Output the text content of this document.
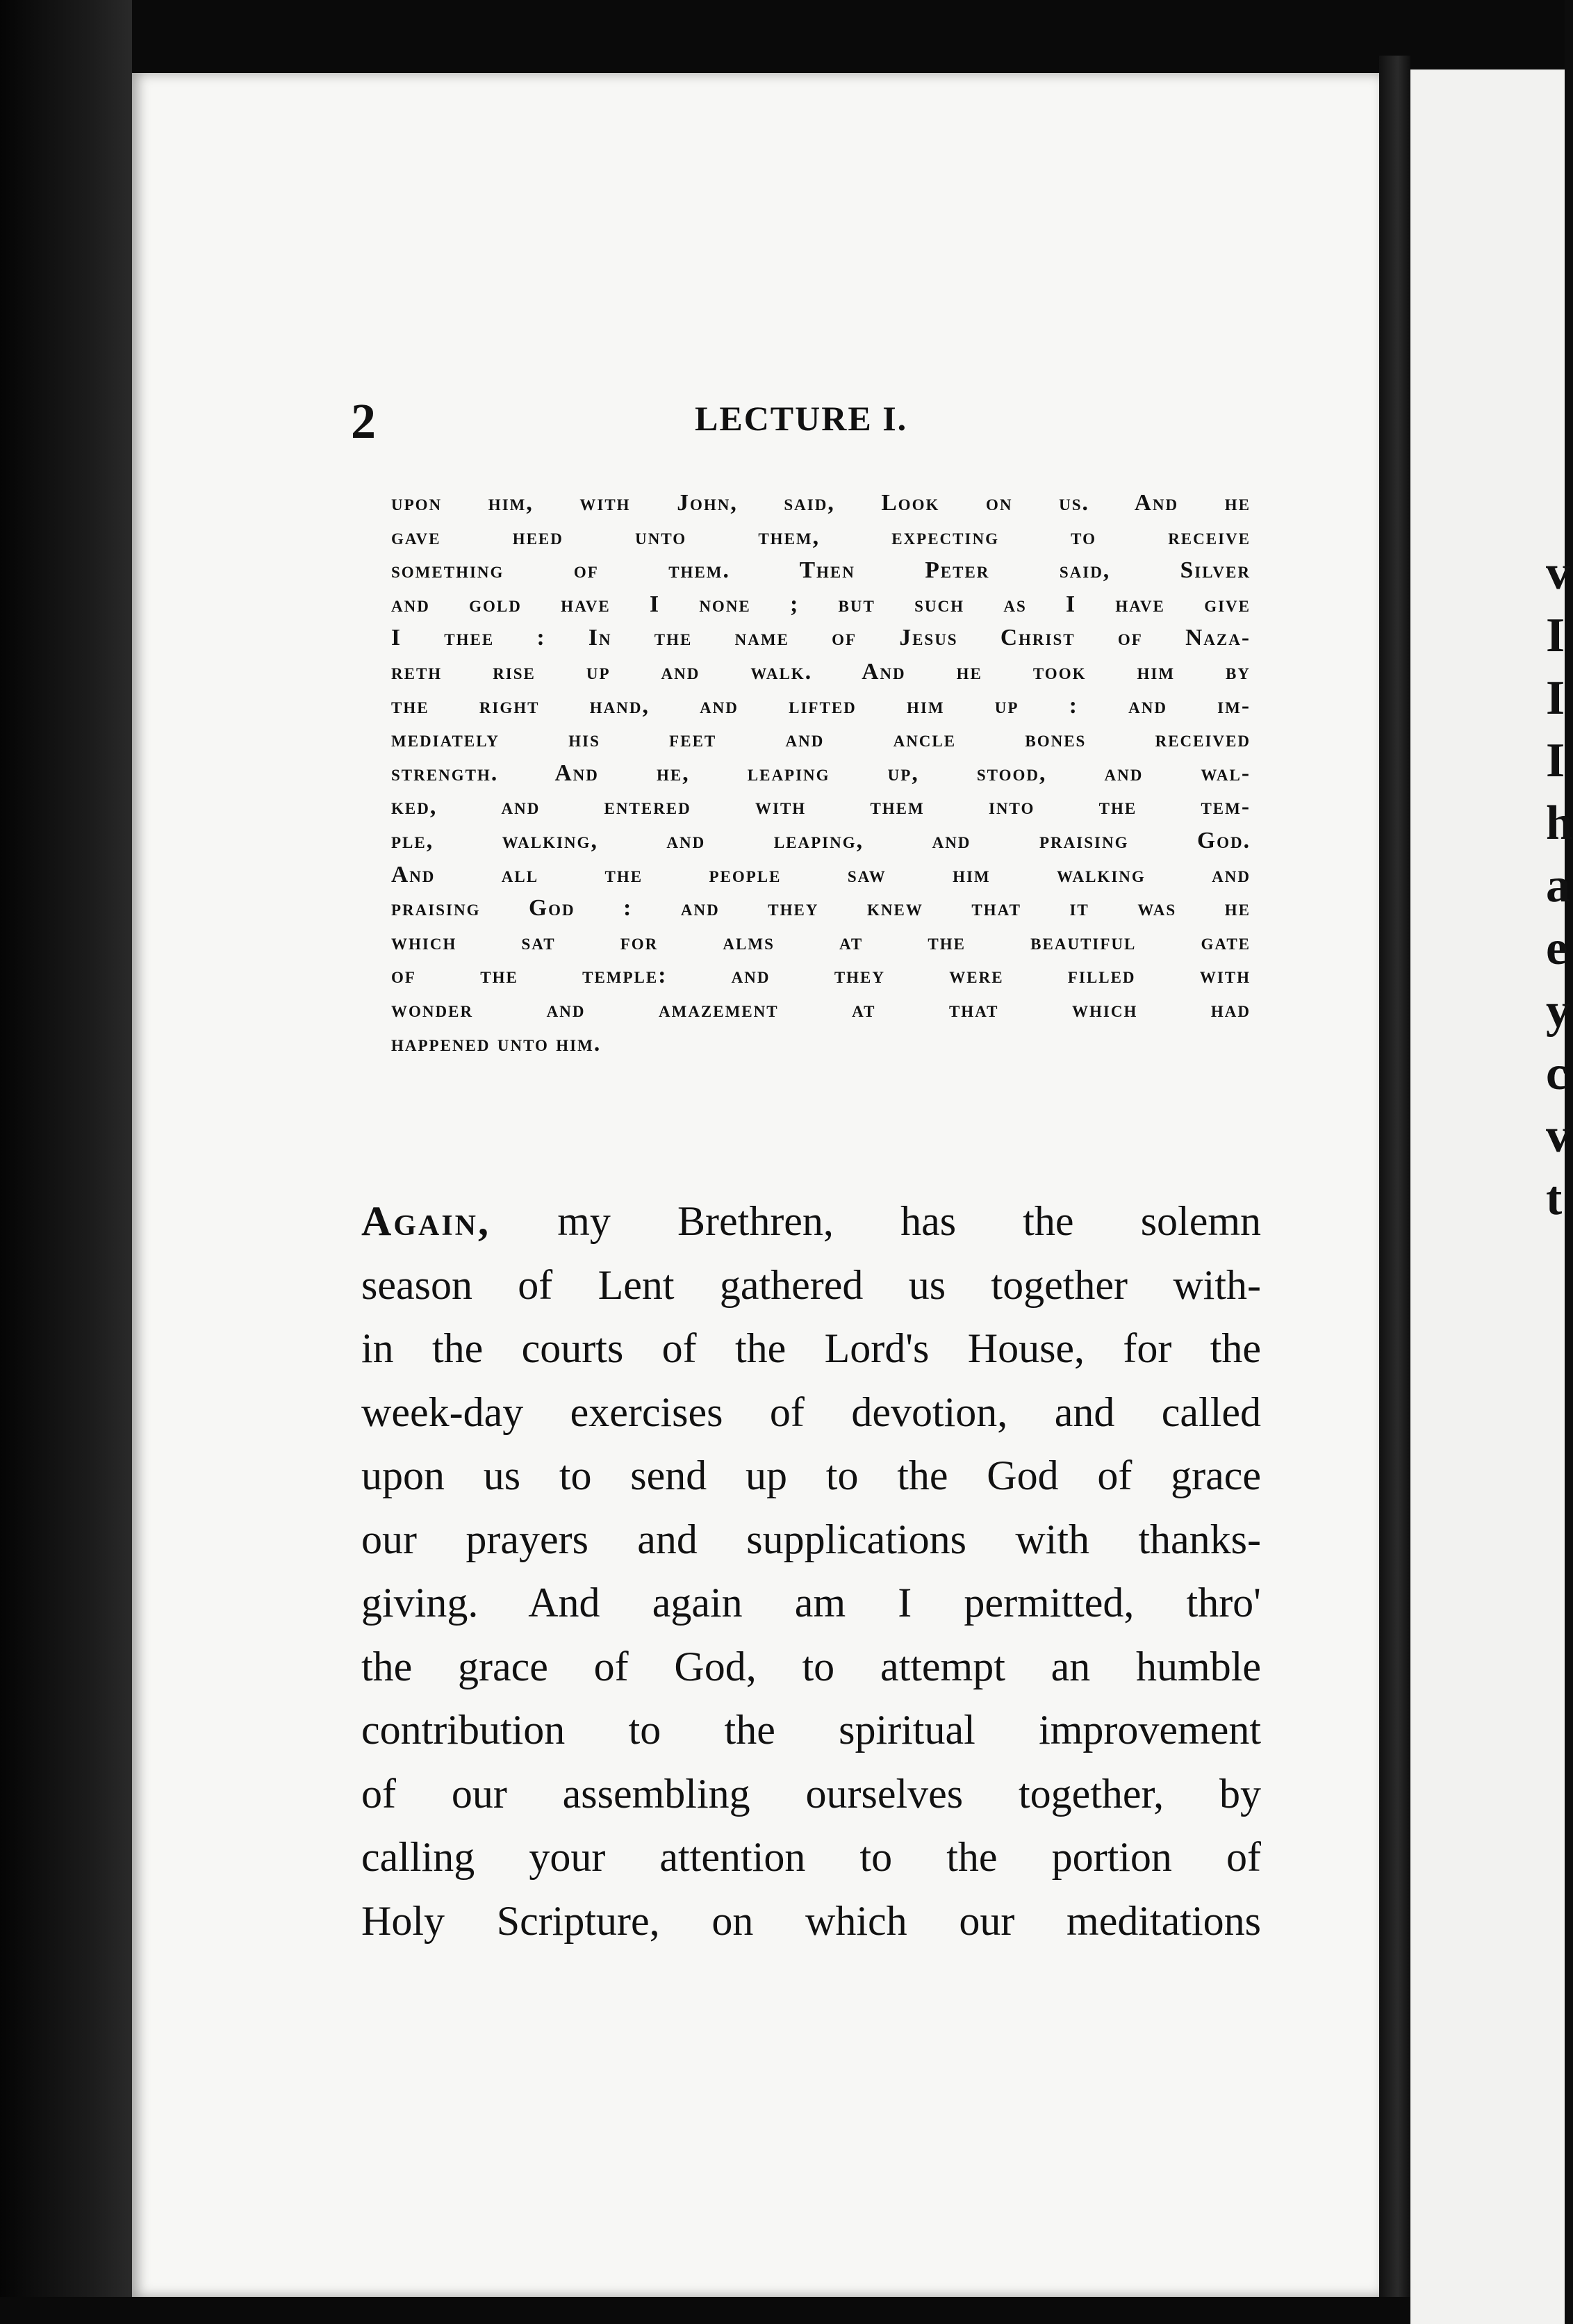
v
I
I
I
h
a
e
y
c
v
t
2	LECTURE I.
upon him, with John, said, Look on us. And he
gave heed unto them, expecting to receive
something of them. Then Peter said, Silver
and gold have I none ; but such as I have give
I thee : In the name of Jesus Christ of Naza-
reth rise up and walk. And he took him by
the right hand, and lifted him up : and im-
mediately his feet and ancle bones received
strength. And he, leaping up, stood, and wal-
ked, and entered with them into the tem-
ple, walking, and leaping, and praising God.
And all the people saw him walking and
praising God : and they knew that it was he
which sat for alms at the beautiful gate
of the temple: and they were filled with
wonder and amazement at that which had
happened unto him.
Again, my Brethren, has the solemn
season of Lent gathered us together with-
in the courts of the Lord's House, for the
week-day exercises of devotion, and called
upon us to send up to the God of grace
our prayers and supplications with thanks-
giving. And again am I permitted, thro'
the grace of God, to attempt an humble
contribution to the spiritual improvement
of our assembling ourselves together, by
calling your attention to the portion of
Holy Scripture, on which our meditations
